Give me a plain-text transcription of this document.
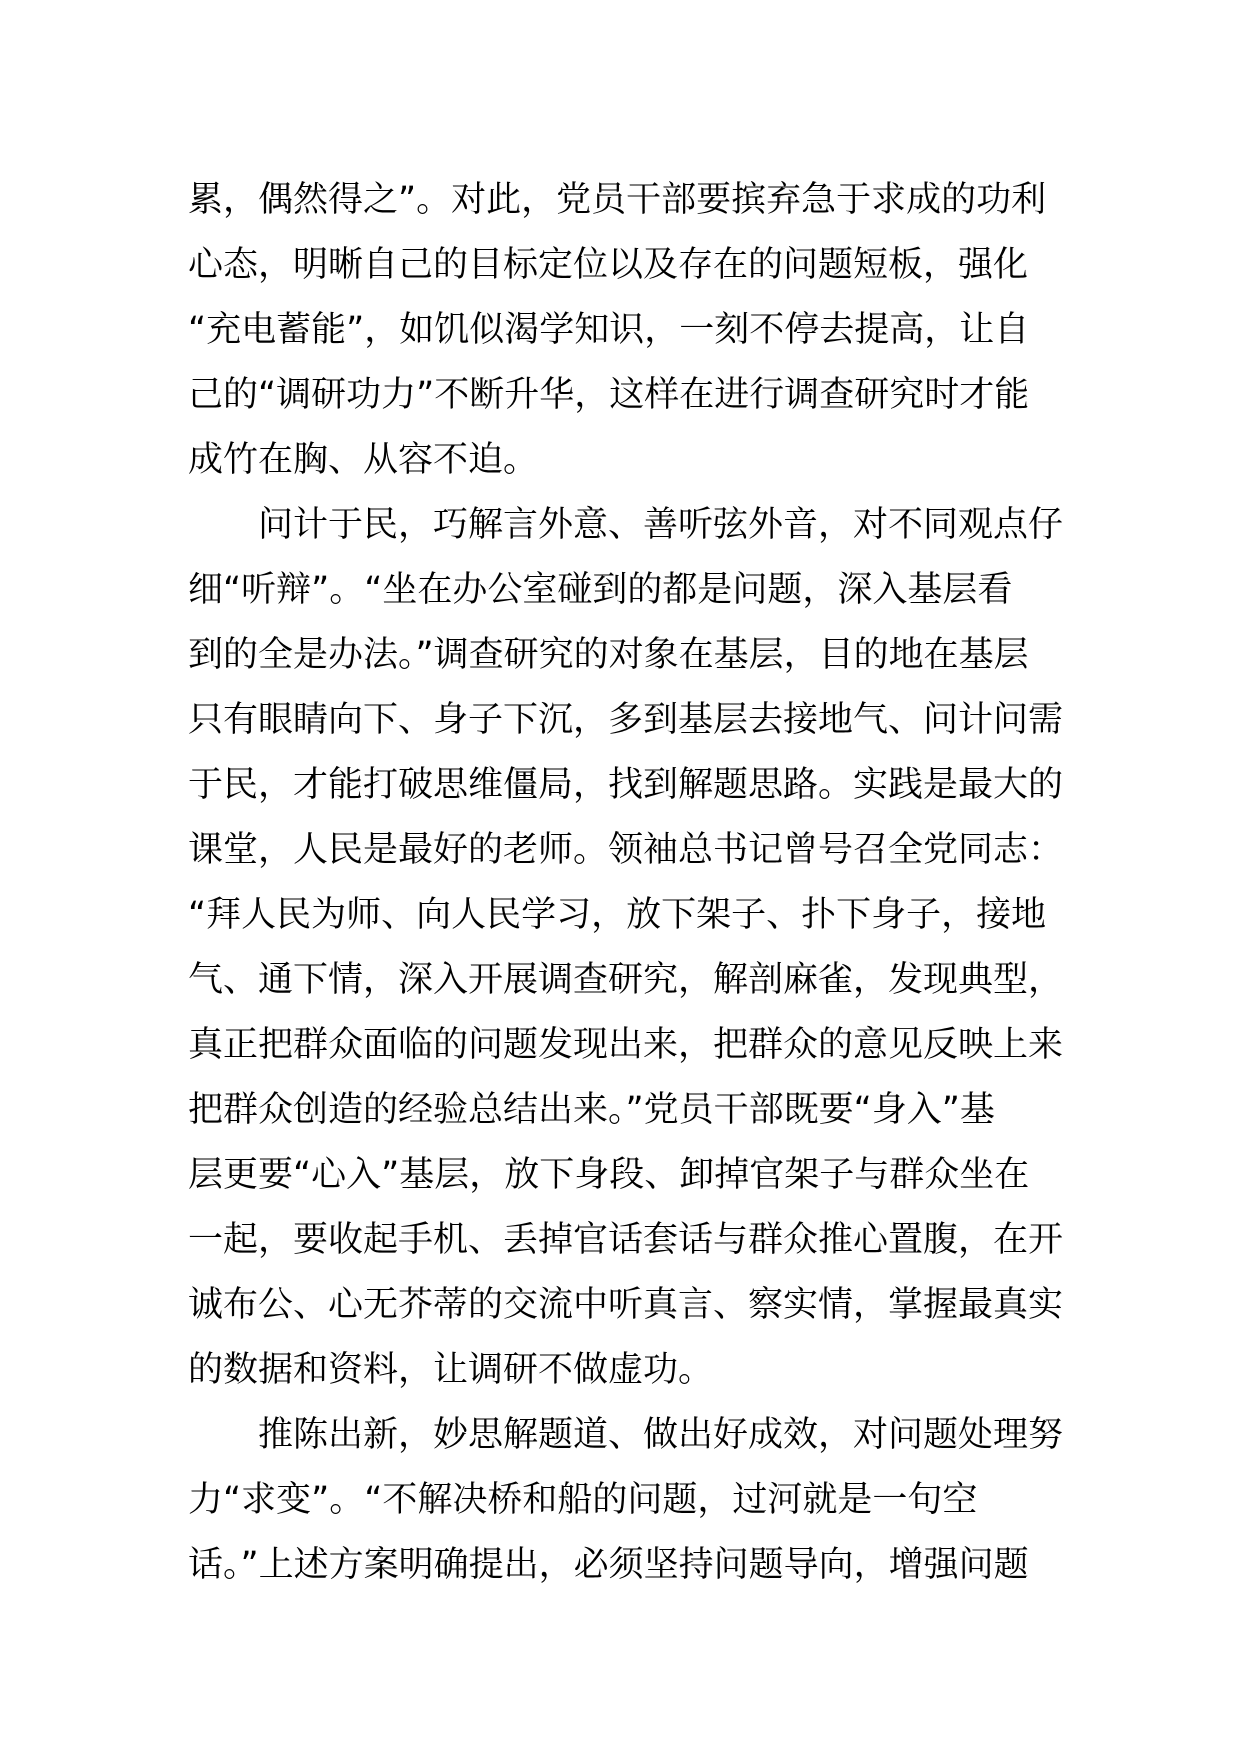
累，偶然得之”。对此，党员干部要摈弃急于求成的功利
心态，明晰自己的目标定位以及存在的问题短板，强化
“充电蓄能”，如饥似渴学知识，一刻不停去提高，让自
己的“调研功力”不断升华，这样在进行调查研究时才能
成竹在胸、从容不迫。
　　问计于民，巧解言外意、善听弦外音，对不同观点仔
细“听辩”。“坐在办公室碰到的都是问题，深入基层看
到的全是办法。”调查研究的对象在基层，目的地在基层
只有眼睛向下、身子下沉，多到基层去接地气、问计问需
于民，才能打破思维僵局，找到解题思路。实践是最大的
课堂，人民是最好的老师。领袖总书记曾号召全党同志：
“拜人民为师、向人民学习，放下架子、扑下身子，接地
气、通下情，深入开展调查研究，解剖麻雀，发现典型，
真正把群众面临的问题发现出来，把群众的意见反映上来
把群众创造的经验总结出来。”党员干部既要“身入”基
层更要“心入”基层，放下身段、卸掉官架子与群众坐在
一起，要收起手机、丢掉官话套话与群众推心置腹，在开
诚布公、心无芥蒂的交流中听真言、察实情，掌握最真实
的数据和资料，让调研不做虚功。
　　推陈出新，妙思解题道、做出好成效，对问题处理努
力“求变”。“不解决桥和船的问题，过河就是一句空
话。”上述方案明确提出，必须坚持问题导向，增强问题
